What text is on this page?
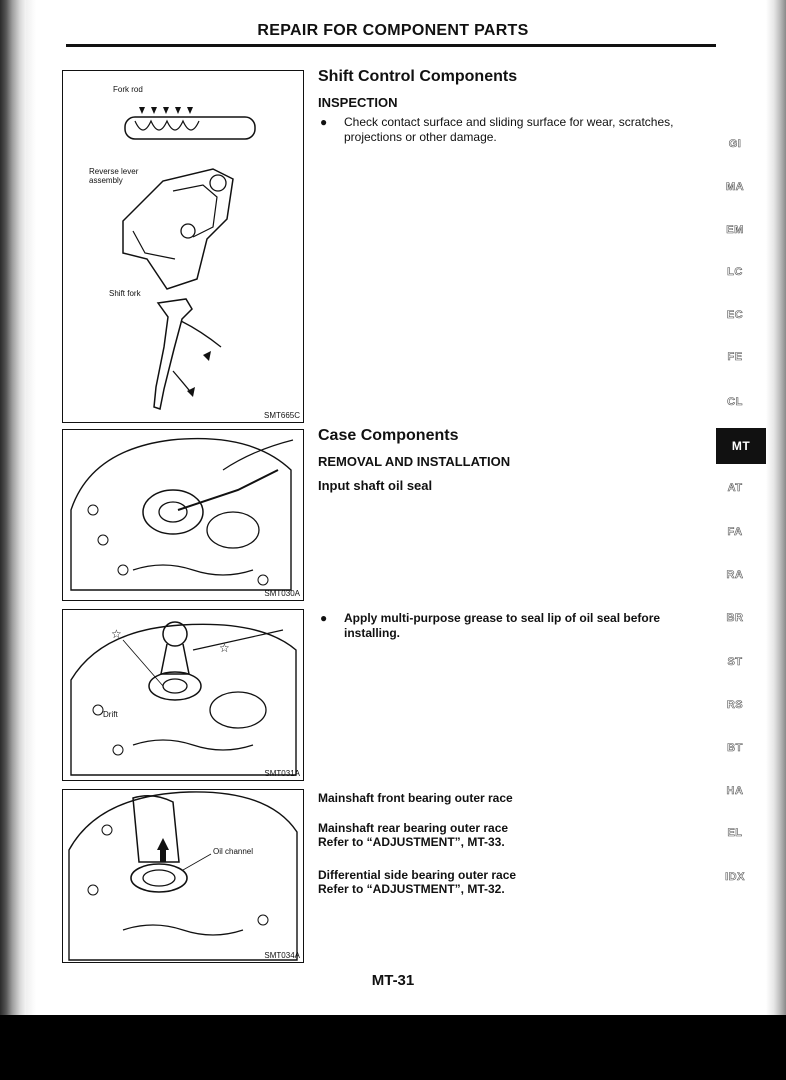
REPAIR FOR COMPONENT PARTS
Fork rod
Reverse lever assembly
Shift fork
SMT665C
SMT030A
☆
☆
Drift
SMT031A
Oil channel
SMT034A
Shift Control Components
INSPECTION
● Check contact surface and sliding surface for wear, scratches, projections or other damage.
Case Components
REMOVAL AND INSTALLATION
Input shaft oil seal
● Apply multi-purpose grease to seal lip of oil seal before installing.
Mainshaft front bearing outer race
Mainshaft rear bearing outer race
Refer to “ADJUSTMENT”, MT-33.
Differential side bearing outer race
Refer to “ADJUSTMENT”, MT-32.
GI
MA
EM
LC
EC
FE
CL
MT
AT
FA
RA
BR
ST
RS
BT
HA
EL
IDX
MT-31
